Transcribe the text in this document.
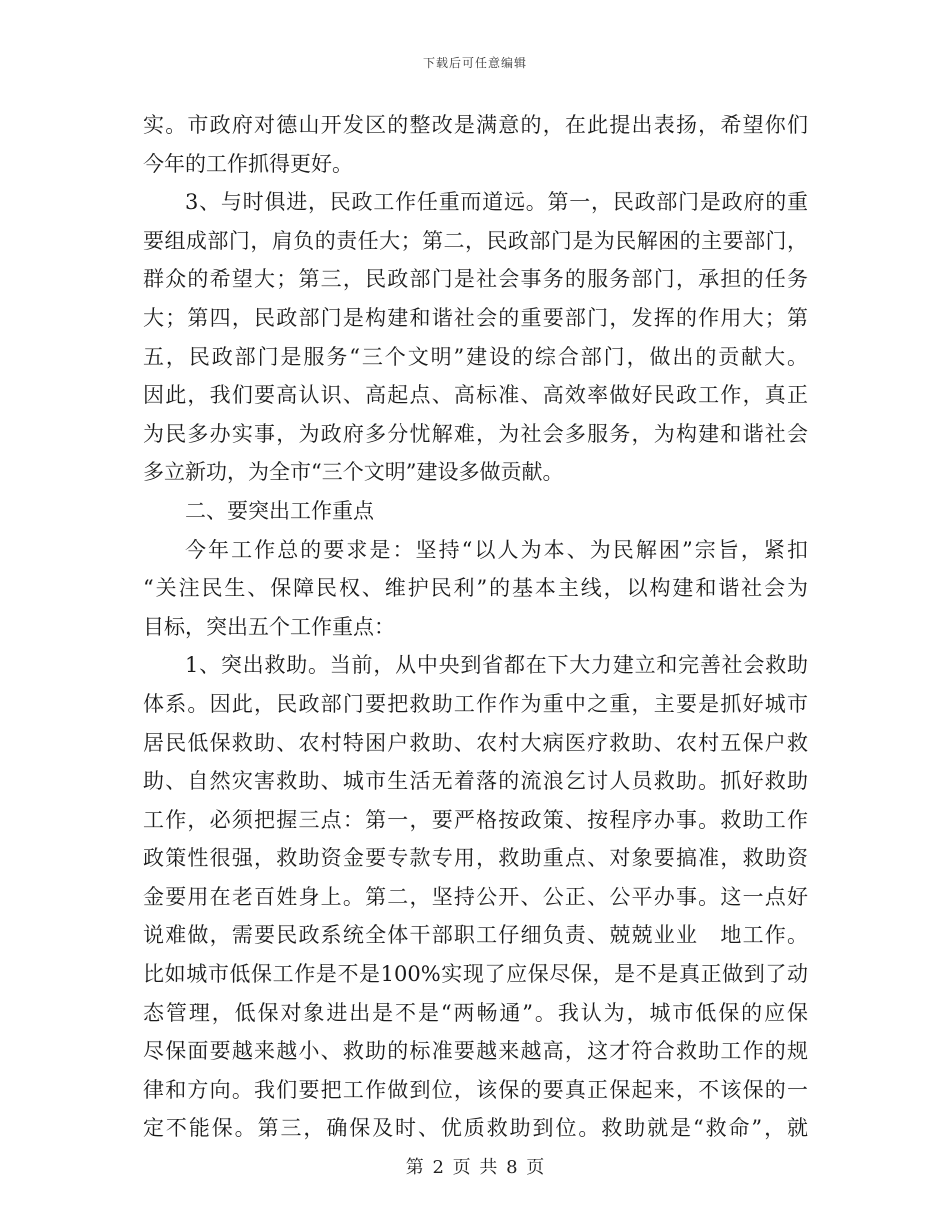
下载后可任意编辑
实。市政府对德山开发区的整改是满意的，在此提出表扬，希望你们
今年的工作抓得更好。
3、与时俱进，民政工作任重而道远。第一，民政部门是政府的重
要组成部门，肩负的责任大；第二，民政部门是为民解困的主要部门，
群众的希望大；第三，民政部门是社会事务的服务部门，承担的任务
大；第四，民政部门是构建和谐社会的重要部门，发挥的作用大；第
五，民政部门是服务“三个文明”建设的综合部门，做出的贡献大。
因此，我们要高认识、高起点、高标准、高效率做好民政工作，真正
为民多办实事，为政府多分忧解难，为社会多服务，为构建和谐社会
多立新功，为全市“三个文明”建设多做贡献。
二、要突出工作重点
今年工作总的要求是：坚持“以人为本、为民解困”宗旨，紧扣
“关注民生、保障民权、维护民利”的基本主线，以构建和谐社会为
目标，突出五个工作重点：
1、突出救助。当前，从中央到省都在下大力建立和完善社会救助
体系。因此，民政部门要把救助工作作为重中之重，主要是抓好城市
居民低保救助、农村特困户救助、农村大病医疗救助、农村五保户救
助、自然灾害救助、城市生活无着落的流浪乞讨人员救助。抓好救助
工作，必须把握三点：第一，要严格按政策、按程序办事。救助工作
政策性很强，救助资金要专款专用，救助重点、对象要搞准，救助资
金要用在老百姓身上。第二，坚持公开、公正、公平办事。这一点好
说难做，需要民政系统全体干部职工仔细负责、兢兢业业　地工作。
比如城市低保工作是不是100%实现了应保尽保，是不是真正做到了动
态管理，低保对象进出是不是“两畅通”。我认为，城市低保的应保
尽保面要越来越小、救助的标准要越来越高，这才符合救助工作的规
律和方向。我们要把工作做到位，该保的要真正保起来，不该保的一
定不能保。第三，确保及时、优质救助到位。救助就是“救命”，就
第 2 页 共 8 页
